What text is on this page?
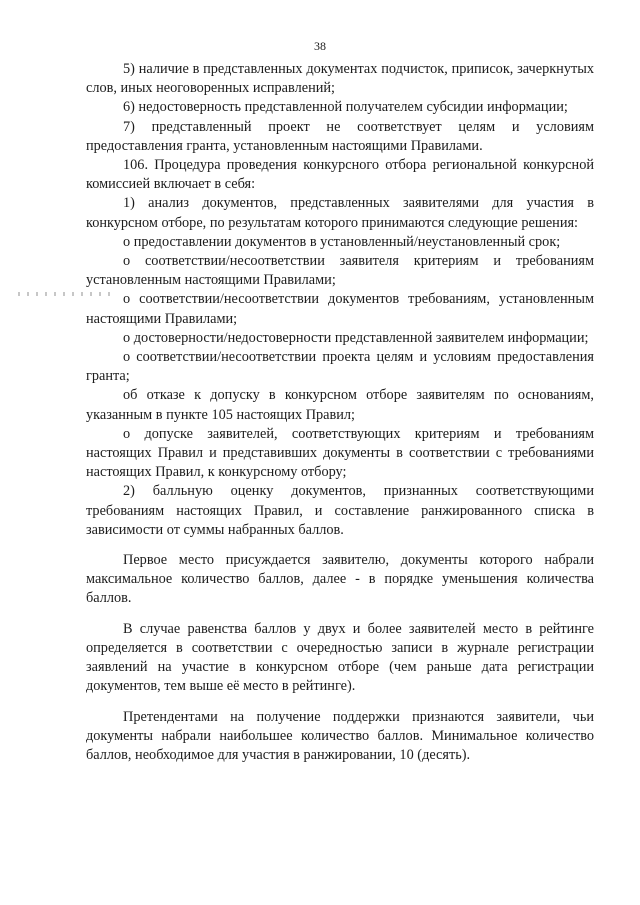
38

5) наличие в представленных документах подчисток, приписок, зачеркнутых слов, иных неоговоренных исправлений;

6) недостоверность представленной получателем субсидии информации;

7) представленный проект не соответствует целям и условиям предоставления гранта, установленным настоящими Правилами.

106. Процедура проведения конкурсного отбора региональной конкурсной комиссией включает в себя:

1) анализ документов, представленных заявителями для участия в конкурсном отборе, по результатам которого принимаются следующие решения:

о предоставлении документов в установленный/неустановленный срок;

о соответствии/несоответствии заявителя критериям и требованиям установленным настоящими Правилами;

о соответствии/несоответствии документов требованиям, установленным настоящими Правилами;

о достоверности/недостоверности представленной заявителем информации;

о соответствии/несоответствии проекта целям и условиям предоставления гранта;

об отказе к допуску в конкурсном отборе заявителям по основаниям, указанным в пункте 105 настоящих Правил;

о допуске заявителей, соответствующих критериям и требованиям настоящих Правил и представивших документы в соответствии с требованиями настоящих Правил, к конкурсному отбору;

2) балльную оценку документов, признанных соответствующими требованиям настоящих Правил, и составление ранжированного списка в зависимости от суммы набранных баллов.

Первое место присуждается заявителю, документы которого набрали максимальное количество баллов, далее - в порядке уменьшения количества баллов.

В случае равенства баллов у двух и более заявителей место в рейтинге определяется в соответствии с очередностью записи в журнале регистрации заявлений на участие в конкурсном отборе (чем раньше дата регистрации документов, тем выше её место в рейтинге).

Претендентами на получение поддержки признаются заявители, чьи документы набрали наибольшее количество баллов. Минимальное количество баллов, необходимое для участия в ранжировании, 10 (десять).
